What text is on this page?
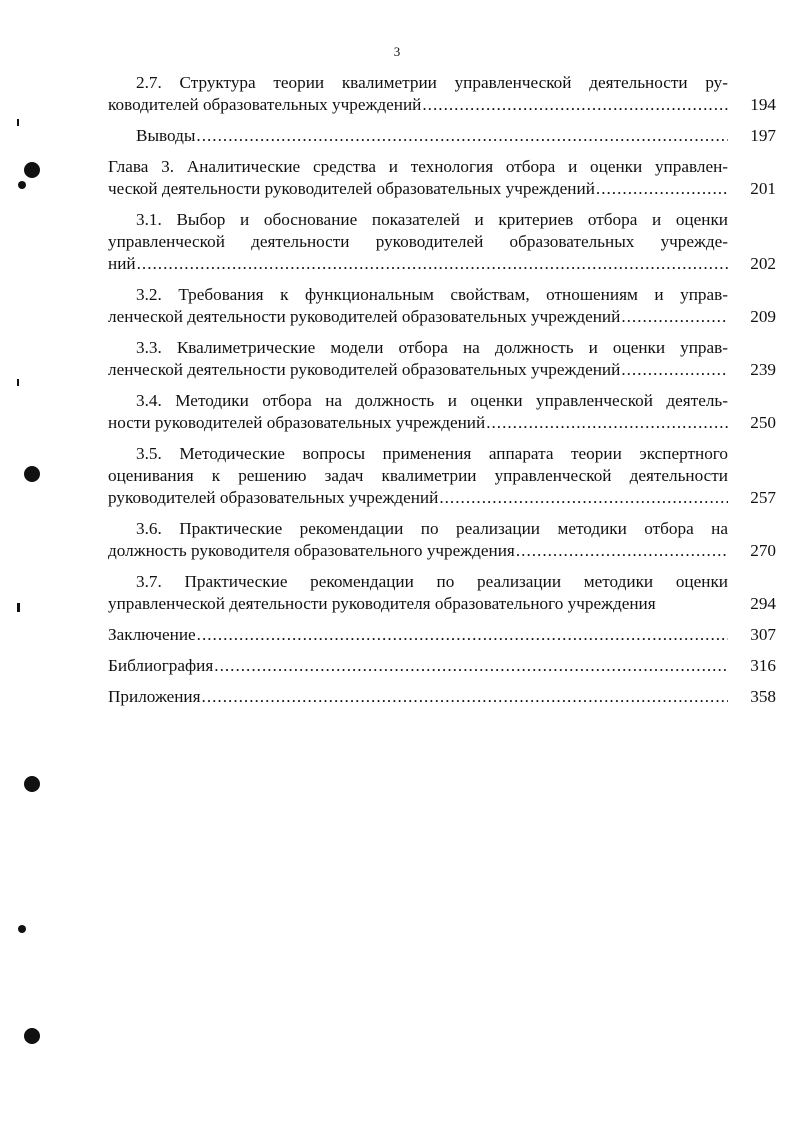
3
2.7. Структура теории квалиметрии управленческой деятельности ру-
ководителей образовательных учреждений .....	194
Выводы .....	197
Глава 3. Аналитические средства и технология отбора и оценки управлен-
ческой деятельности руководителей образовательных учреждений .....	201
3.1. Выбор и обоснование показателей и критериев отбора и оценки
управленческой деятельности руководителей образовательных учрежде-
ний .....	202
3.2. Требования к функциональным свойствам, отношениям и управ-
ленческой деятельности руководителей образовательных учреждений .....	209
3.3. Квалиметрические модели отбора на должность и оценки управ-
ленческой деятельности руководителей образовательных учреждений .....	239
3.4. Методики отбора на должность и оценки управленческой деятель-
ности руководителей образовательных учреждений .....	250
3.5. Методические вопросы применения аппарата теории экспертного
оценивания к решению задач квалиметрии управленческой деятельности
руководителей образовательных учреждений .....	257
3.6. Практические рекомендации по реализации методики отбора на
должность руководителя образовательного учреждения .....	270
3.7. Практические рекомендации по реализации методики оценки
управленческой деятельности руководителя образовательного учреждения	294
Заключение .....	307
Библиография .....	316
Приложения .....	358
